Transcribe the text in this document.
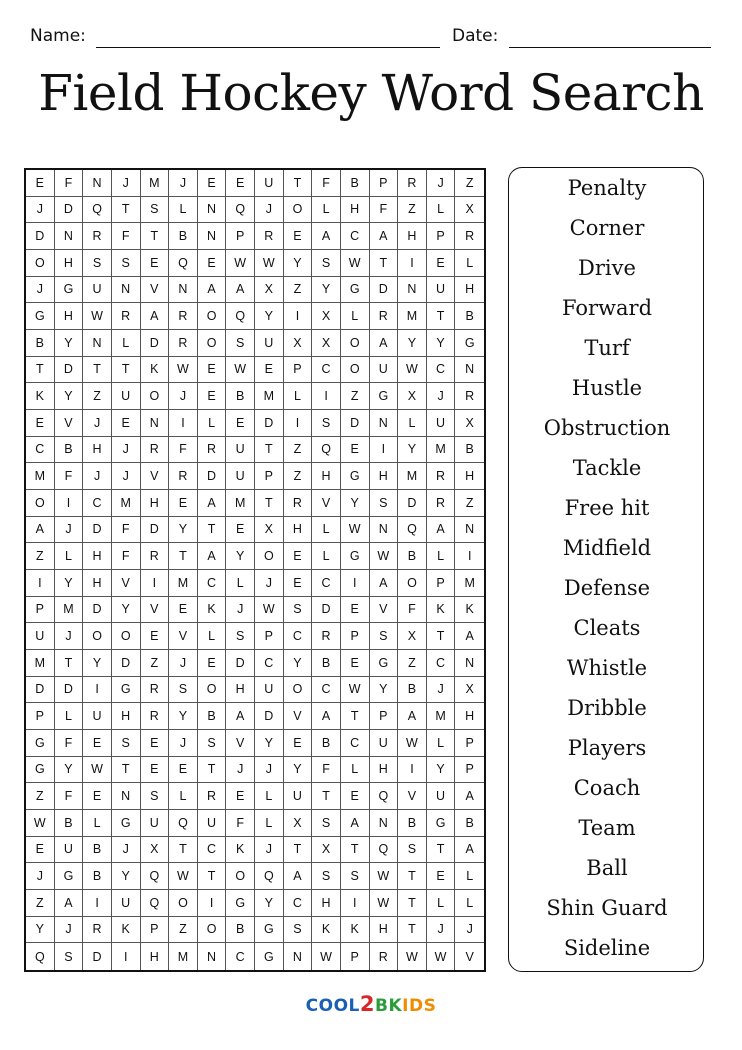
Name:	Date:
Field Hockey Word Search
E	F	N	J	M	J	E	E	U	T	F	B	P	R	J	Z
J	D	Q	T	S	L	N	Q	J	O	L	H	F	Z	L	X
D	N	R	F	T	B	N	P	R	E	A	C	A	H	P	R
O	H	S	S	E	Q	E	W	W	Y	S	W	T	I	E	L
J	G	U	N	V	N	A	A	X	Z	Y	G	D	N	U	H
G	H	W	R	A	R	O	Q	Y	I	X	L	R	M	T	B
B	Y	N	L	D	R	O	S	U	X	X	O	A	Y	Y	G
T	D	T	T	K	W	E	W	E	P	C	O	U	W	C	N
K	Y	Z	U	O	J	E	B	M	L	I	Z	G	X	J	R
E	V	J	E	N	I	L	E	D	I	S	D	N	L	U	X
C	B	H	J	R	F	R	U	T	Z	Q	E	I	Y	M	B
M	F	J	J	V	R	D	U	P	Z	H	G	H	M	R	H
O	I	C	M	H	E	A	M	T	R	V	Y	S	D	R	Z
A	J	D	F	D	Y	T	E	X	H	L	W	N	Q	A	N
Z	L	H	F	R	T	A	Y	O	E	L	G	W	B	L	I
I	Y	H	V	I	M	C	L	J	E	C	I	A	O	P	M
P	M	D	Y	V	E	K	J	W	S	D	E	V	F	K	K
U	J	O	O	E	V	L	S	P	C	R	P	S	X	T	A
M	T	Y	D	Z	J	E	D	C	Y	B	E	G	Z	C	N
D	D	I	G	R	S	O	H	U	O	C	W	Y	B	J	X
P	L	U	H	R	Y	B	A	D	V	A	T	P	A	M	H
G	F	E	S	E	J	S	V	Y	E	B	C	U	W	L	P
G	Y	W	T	E	E	T	J	J	Y	F	L	H	I	Y	P
Z	F	E	N	S	L	R	E	L	U	T	E	Q	V	U	A
W	B	L	G	U	Q	U	F	L	X	S	A	N	B	G	B
E	U	B	J	X	T	C	K	J	T	X	T	Q	S	T	A
J	G	B	Y	Q	W	T	O	Q	A	S	S	W	T	E	L
Z	A	I	U	Q	O	I	G	Y	C	H	I	W	T	L	L
Y	J	R	K	P	Z	O	B	G	S	K	K	H	T	J	J
Q	S	D	I	H	M	N	C	G	N	W	P	R	W	W	V
Penalty
Corner
Drive
Forward
Turf
Hustle
Obstruction
Tackle
Free hit
Midfield
Defense
Cleats
Whistle
Dribble
Players
Coach
Team
Ball
Shin Guard
Sideline
COOL2BKIDS
